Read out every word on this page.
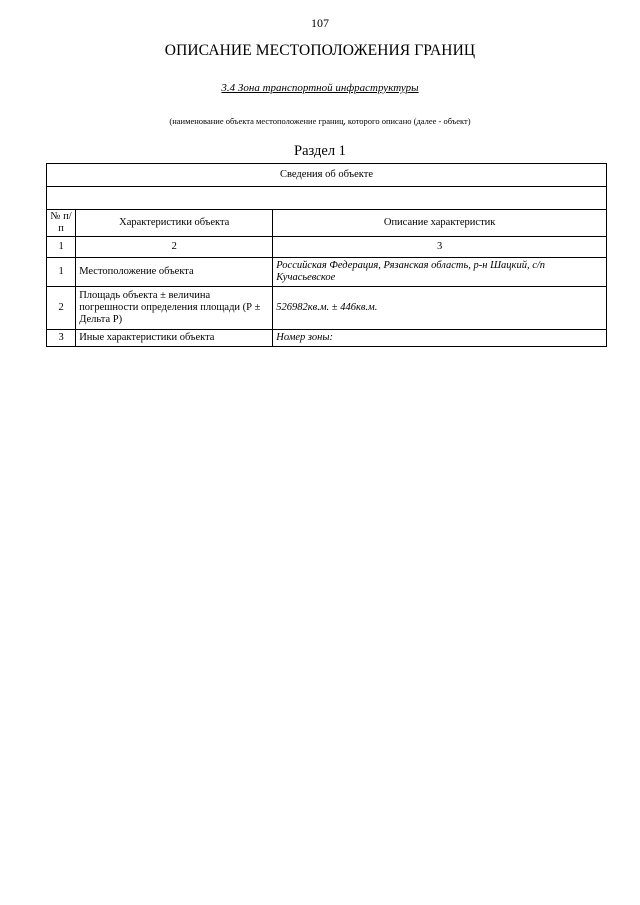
107
ОПИСАНИЕ МЕСТОПОЛОЖЕНИЯ ГРАНИЦ
3.4 Зона транспортной инфраструктуры
(наименование объекта местоположение границ, которого описано (далее - объект)
Раздел 1
Сведения об объекте		

№ п/п	Характеристики объекта	Описание характеристик
1	2	3
1	Местоположение объекта	Российская Федерация, Рязанская область, р-н Шацкий, с/п Кучасьевское
2	Площадь объекта ± величина погрешности определения площади (Р ± Дельта Р)	526982кв.м. ± 446кв.м.
3	Иные характеристики объекта	Номер зоны:
